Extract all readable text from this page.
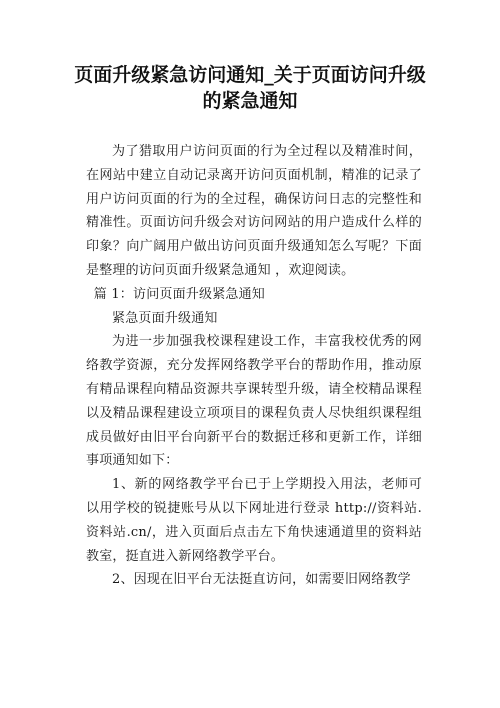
页面升级紧急访问通知_关于页面访问升级
的紧急通知

为了猎取用户访问页面的行为全过程以及精准时间，在网站中建立自动记录离开访问页面机制，精准的记录了用户访问页面的行为的全过程，确保访问日志的完整性和精准性。页面访问升级会对访问网站的用户造成什么样的印象？向广阔用户做出访问页面升级通知怎么写呢？下面是整理的访问页面升级紧急通知 ，欢迎阅读。

篇 1：访问页面升级紧急通知

紧急页面升级通知

为进一步加强我校课程建设工作，丰富我校优秀的网络教学资源，充分发挥网络教学平台的帮助作用，推动原有精品课程向精品资源共享课转型升级，请全校精品课程以及精品课程建设立项项目的课程负责人尽快组织课程组成员做好由旧平台向新平台的数据迁移和更新工作，详细事项通知如下：

1、新的网络教学平台已于上学期投入用法，老师可以用学校的锐捷账号从以下网址进行登录 http://资料站.资料站.cn/，进入页面后点击左下角快速通道里的资料站教室，挺直进入新网络教学平台。

2、因现在旧平台无法挺直访问，如需要旧网络教学
